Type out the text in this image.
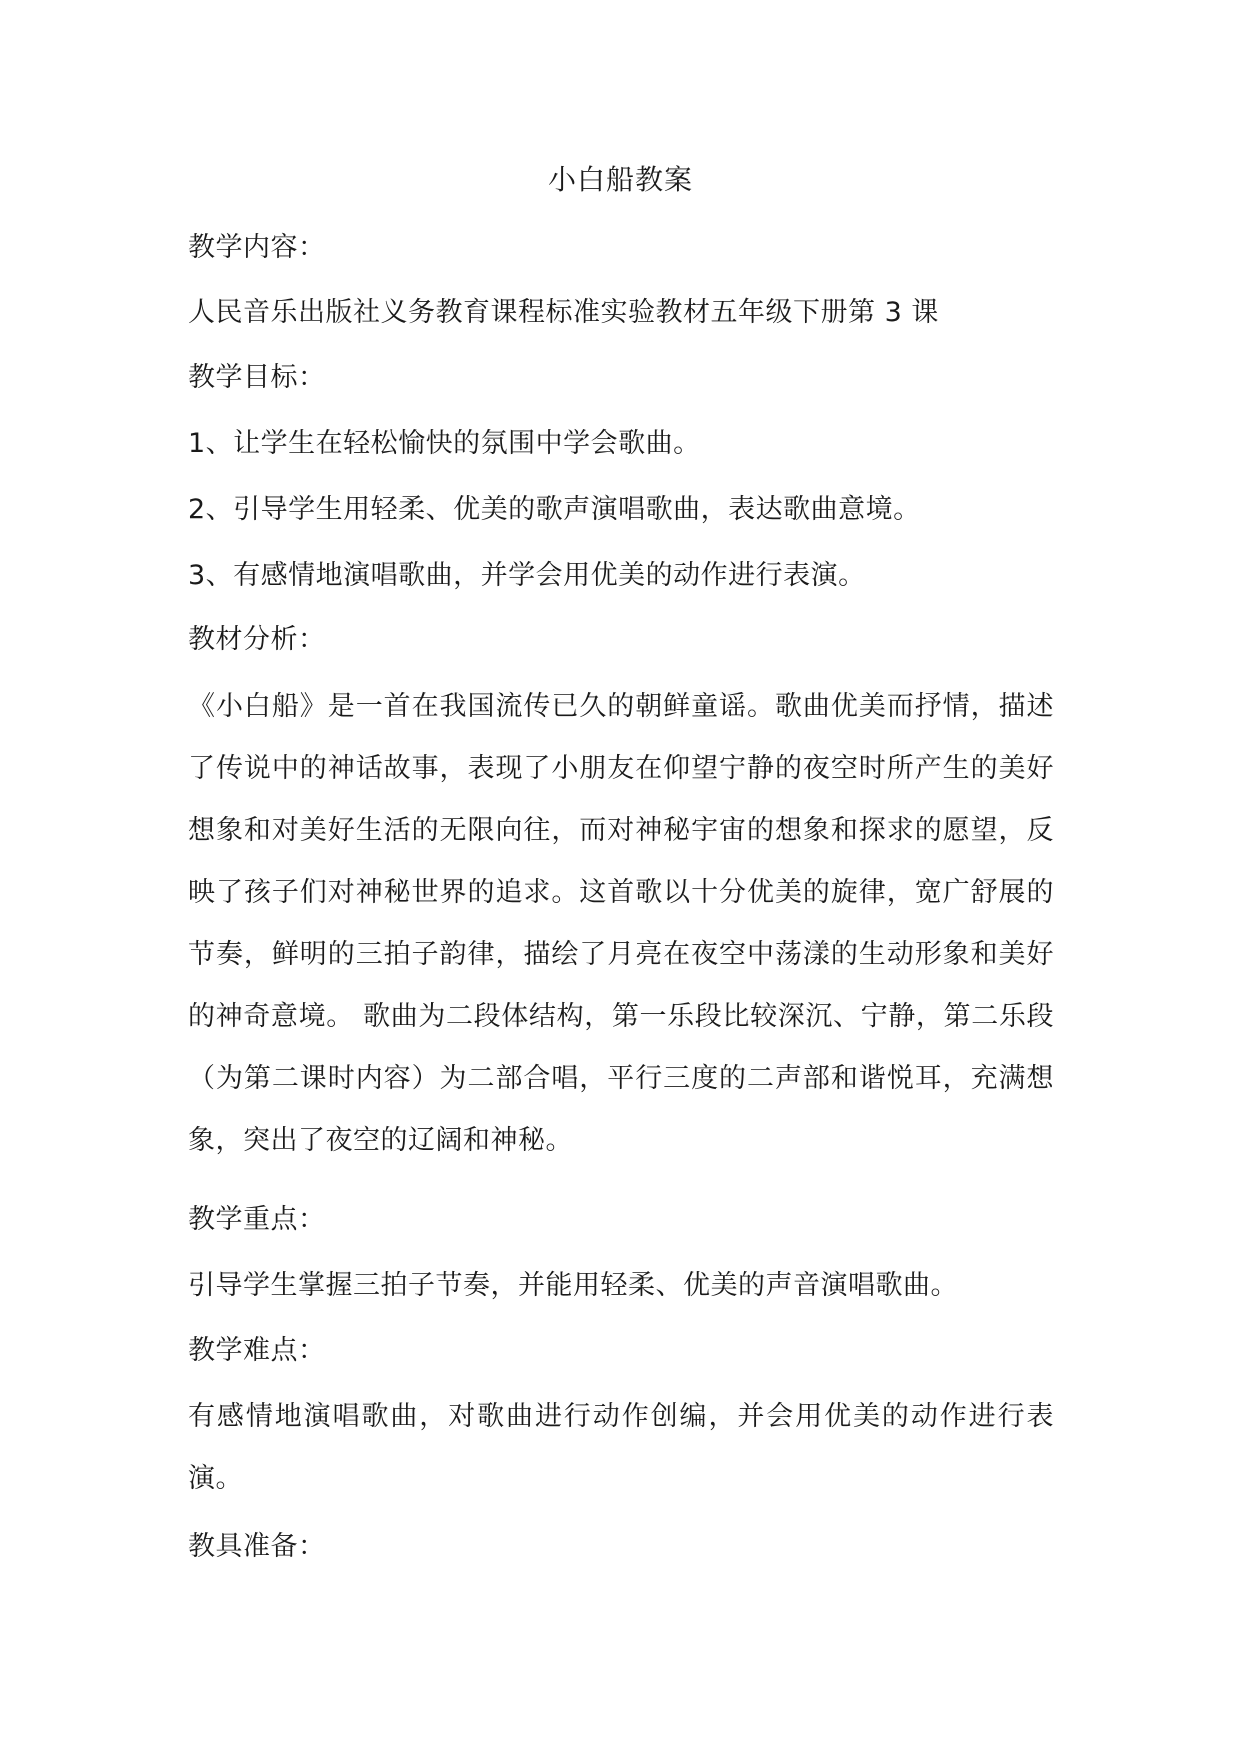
小白船教案
教学内容：
人民音乐出版社义务教育课程标准实验教材五年级下册第 3 课
教学目标：
1、让学生在轻松愉快的氛围中学会歌曲。
2、引导学生用轻柔、优美的歌声演唱歌曲，表达歌曲意境。
3、有感情地演唱歌曲，并学会用优美的动作进行表演。
教材分析：
《小白船》是一首在我国流传已久的朝鲜童谣。歌曲优美而抒情，描述了传说中的神话故事，表现了小朋友在仰望宁静的夜空时所产生的美好想象和对美好生活的无限向往，而对神秘宇宙的想象和探求的愿望，反映了孩子们对神秘世界的追求。这首歌以十分优美的旋律，宽广舒展的节奏，鲜明的三拍子韵律，描绘了月亮在夜空中荡漾的生动形象和美好的神奇意境。 歌曲为二段体结构，第一乐段比较深沉、宁静，第二乐段（为第二课时内容）为二部合唱，平行三度的二声部和谐悦耳，充满想象，突出了夜空的辽阔和神秘。
教学重点：
引导学生掌握三拍子节奏，并能用轻柔、优美的声音演唱歌曲。
教学难点：
有感情地演唱歌曲，对歌曲进行动作创编，并会用优美的动作进行表演。
教具准备：
